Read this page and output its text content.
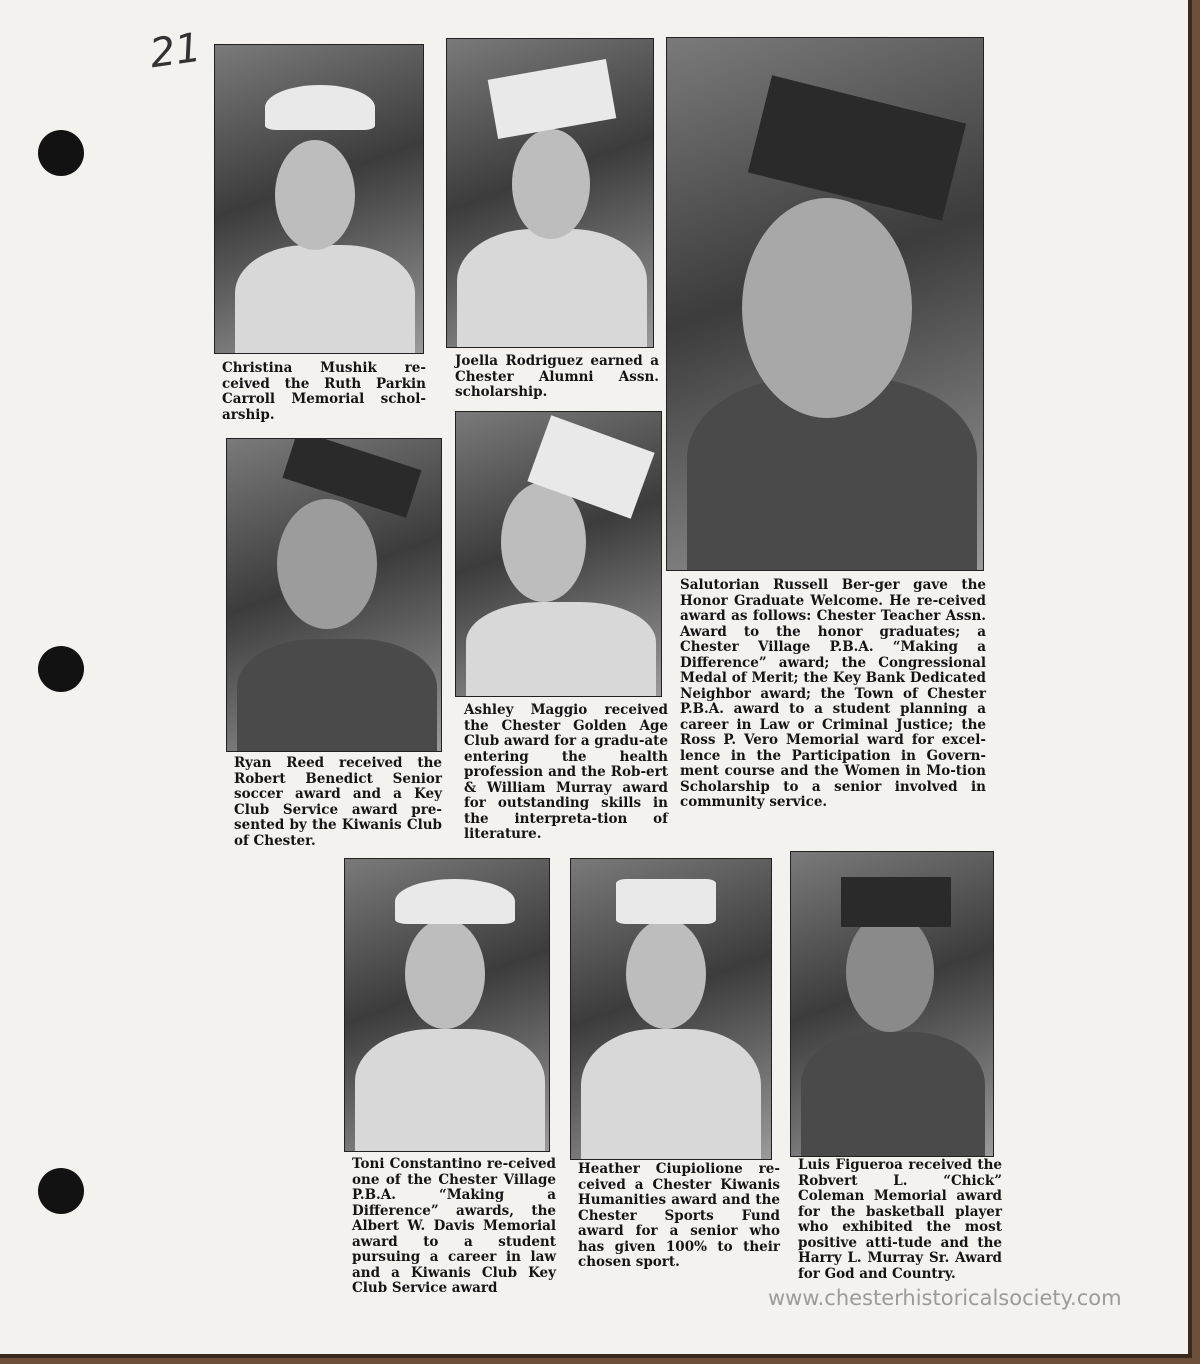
21

Christina Mushik re-ceived the Ruth Parkin Carroll Memorial schol-arship.

Joella Rodriguez earned a Chester Alumni Assn. scholarship.

Salutorian Russell Ber-ger gave the Honor Graduate Welcome. He re-ceived award as follows: Chester Teacher Assn. Award to the honor graduates; a Chester Village P.B.A. “Making a Difference” award; the Congressional Medal of Merit; the Key Bank Dedicated Neighbor award; the Town of Chester P.B.A. award to a student planning a career in Law or Criminal Justice; the Ross P. Vero Memorial ward for excel-lence in the Participation in Govern-ment course and the Women in Mo-tion Scholarship to a senior involved in community service.

Ryan Reed received the Robert Benedict Senior soccer award and a Key Club Service award pre-sented by the Kiwanis Club of Chester.

Ashley Maggio received the Chester Golden Age Club award for a gradu-ate entering the health profession and the Rob-ert & William Murray award for outstanding skills in the interpreta-tion of literature.

Toni Constantino re-ceived one of the Chester Village P.B.A. “Making a Difference” awards, the Albert W. Davis Memorial award to a student pursuing a career in law and a Kiwanis Club Key Club Service award

Heather Ciupiolione re-ceived a Chester Kiwanis Humanities award and the Chester Sports Fund award for a senior who has given 100% to their chosen sport.

Luis Figueroa received the Robvert L. “Chick” Coleman Memorial award for the basketball player who exhibited the most positive atti-tude and the Harry L. Murray Sr. Award for God and Country.

www.chesterhistoricalsociety.com
